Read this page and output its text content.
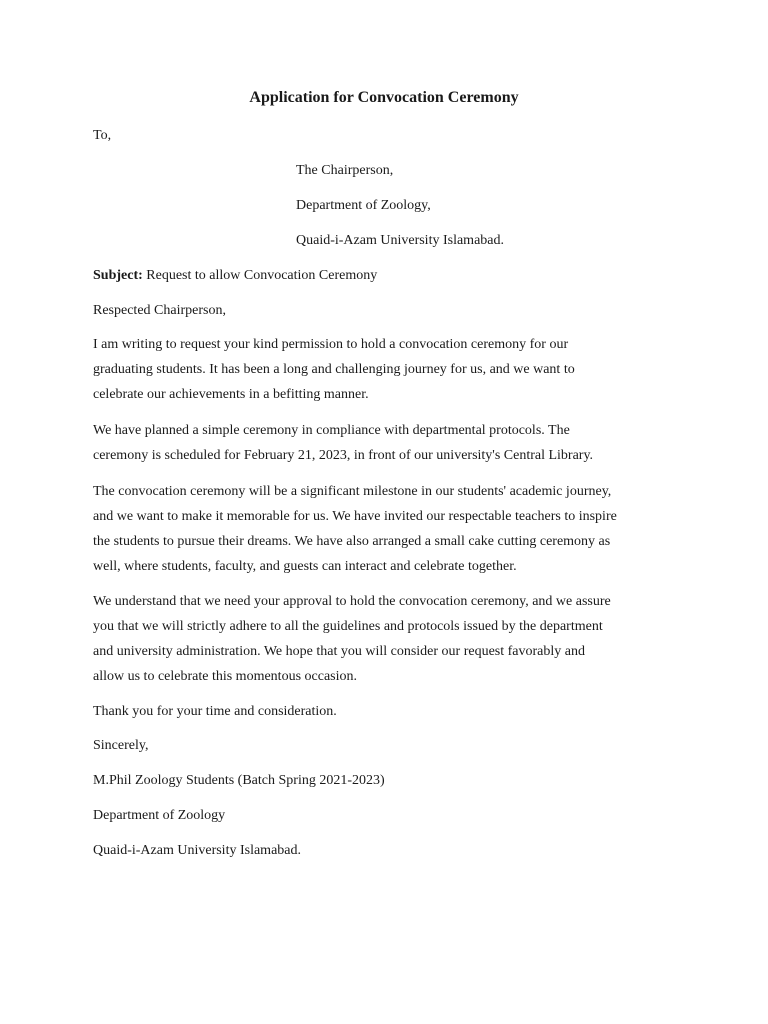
Application for Convocation Ceremony
To,
The Chairperson,
Department of Zoology,
Quaid-i-Azam University Islamabad.
Subject: Request to allow Convocation Ceremony
Respected Chairperson,
I am writing to request your kind permission to hold a convocation ceremony for our
graduating students. It has been a long and challenging journey for us, and we want to
celebrate our achievements in a befitting manner.
We have planned a simple ceremony in compliance with departmental protocols. The
ceremony is scheduled for February 21, 2023, in front of our university's Central Library.
The convocation ceremony will be a significant milestone in our students' academic journey,
and we want to make it memorable for us. We have invited our respectable teachers to inspire
the students to pursue their dreams. We have also arranged a small cake cutting ceremony as
well, where students, faculty, and guests can interact and celebrate together.
We understand that we need your approval to hold the convocation ceremony, and we assure
you that we will strictly adhere to all the guidelines and protocols issued by the department
and university administration. We hope that you will consider our request favorably and
allow us to celebrate this momentous occasion.
Thank you for your time and consideration.
Sincerely,
M.Phil Zoology Students (Batch Spring 2021-2023)
Department of Zoology
Quaid-i-Azam University Islamabad.
